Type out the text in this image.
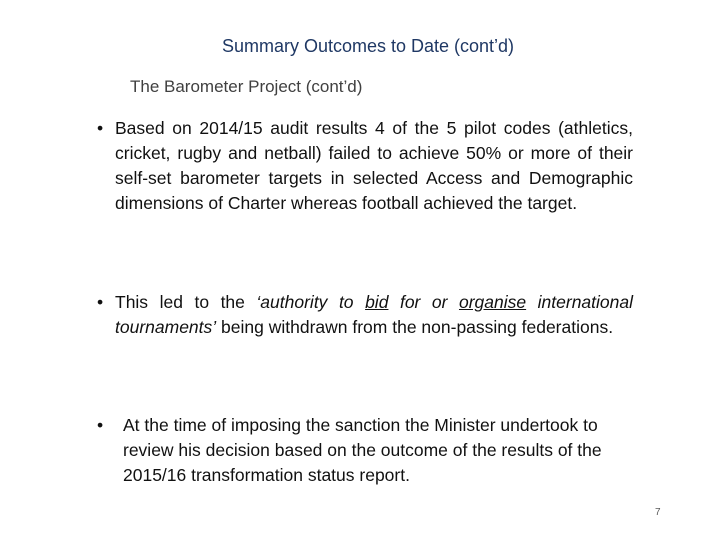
Summary Outcomes to Date (cont’d)
The Barometer Project (cont’d)
• Based on 2014/15 audit results 4 of the 5 pilot codes (athletics, cricket, rugby and netball) failed to achieve 50% or more of their self-set barometer targets in selected Access and Demographic dimensions of Charter whereas football achieved the target.

• This led to the ‘authority to bid for or organise international tournaments’ being withdrawn from the non-passing federations.

• At the time of imposing the sanction the Minister undertook to review his decision based on the outcome of the results of the 2015/16 transformation status report.

7
